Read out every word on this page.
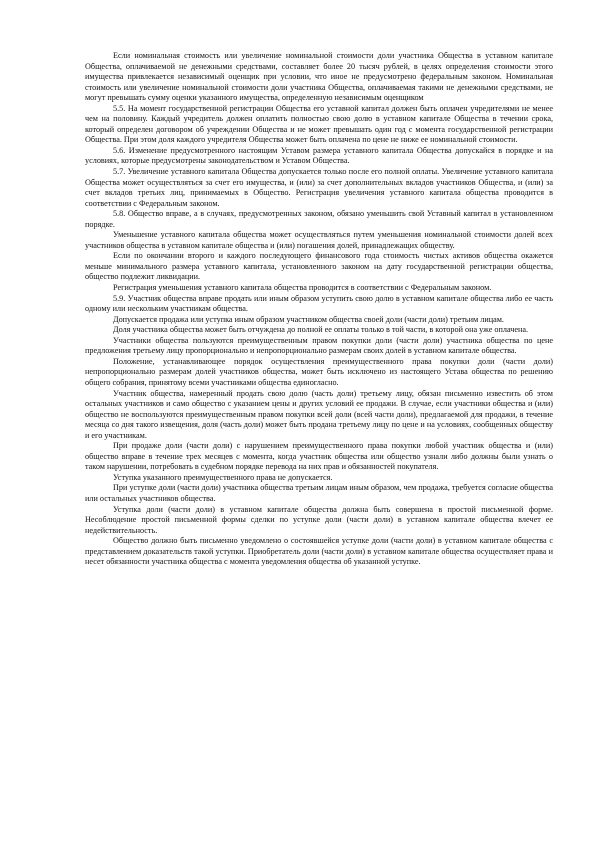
Если номинальная стоимость или увеличение номинальной стоимости доли участника Общества в уставном капитале Общества, оплачиваемой не денежными средствами, составляет более 20 тысяч рублей, в целях определения стоимости этого имущества привлекается независимый оценщик при условии, что иное не предусмотрено федеральным законом. Номинальная стоимость или увеличение номинальной стоимости доли участника Общества, оплачиваемая такими не денежными средствами, не могут превышать сумму оценки указанного имущества, определенную независимым оценщиком

5.5. На момент государственной регистрации Общества его уставной капитал должен быть оплачен учредителями не менее чем на половину. Каждый учредитель должен оплатить полностью свою долю в уставном капитале Общества в течении срока, который определен договором об учреждении Общества и не может превышать один год с момента государственной регистрации Общества. При этом доля каждого учредителя Общества может быть оплачена по цене не ниже ее номинальной стоимости.

5.6. Изменение предусмотренного настоящим Уставом размера уставного капитала Общества допускайся в порядке и на условиях, которые предусмотрены законодательством и Уставом Общества.

5.7. Увеличение уставного капитала Общества допускается только после его полной оплаты. Увеличение уставного капитала Общества может осуществляться за счет его имущества, и (или) за счет дополнительных вкладов участников Общества, и (или) за счет вкладов третьих лиц, принимаемых в Общество. Регистрация увеличения уставного капитала общества проводится в соответствии с Федеральным законом.

5.8. Общество вправе, а в случаях, предусмотренных законом, обязано уменьшить свой Уставный капитал в установленном порядке.

Уменьшение уставного капитала общества может осуществляться путем уменьшения номинальной стоимости долей всех участников общества в уставном капитале общества и (или) погашения долей, принадлежащих обществу.

Если по окончании второго и каждого последующего финансового года стоимость чистых активов общества окажется меньше минимального размера уставного капитала, установленного законом на дату государственной регистрации общества, общество подлежит ликвидации.

Регистрация уменьшения уставного капитала общества проводится в соответствии с Федеральным законом.

5.9. Участник общества вправе продать или иным образом уступить свою долю в уставном капитале общества либо ее часть одному или нескольким участникам общества.

Допускается продажа или уступка иным образом участником общества своей доли (части доли) третьим лицам.

Доля участника общества может быть отчуждена до полной ее оплаты только в той части, в которой она уже оплачена.

Участники общества пользуются преимущественным правом покупки доли (части доли) участника общества по цене предложения третьему лицу пропорционально и непропорционально размерам своих долей в уставном капитале общества.

Положение, устанавливающее порядок осуществления преимущественного права покупки доли (части доли) непропорционально размерам долей участников общества, может быть исключено из настоящего Устава общества по решению общего собрания, принятому всеми участниками общества единогласно.

Участник общества, намеренный продать свою долю (часть доли) третьему лицу, обязан письменно известить об этом остальных участников и само общество с указанием цены и других условий ее продажи. В случае, если участники общества и (или) общество не воспользуются преимущественным правом покупки всей доли (всей части доли), предлагаемой для продажи, в течение месяца со дня такого извещения, доля (часть доли) может быть продана третьему лицу по цене и на условиях, сообщенных обществу и его участникам.

При продаже доли (части доли) с нарушением преимущественного права покупки любой участник общества и (или) общество вправе в течение трех месяцев с момента, когда участник общества или общество узнали либо должны были узнать о таком нарушении, потребовать в судебном порядке перевода на них прав и обязанностей покупателя.

Уступка указанного преимущественного права не допускается.

При уступке доли (части доли) участника общества третьим лицам иным образом, чем продажа, требуется согласие общества или остальных участников общества.

Уступка доли (части доли) в уставном капитале общества должна быть совершена в простой письменной форме. Несоблюдение простой письменной формы сделки по уступке доли (части доли) в уставном капитале общества влечет ее недействительность.

Общество должно быть письменно уведомлено о состоявшейся уступке доли (части доли) в уставном капитале общества с представлением доказательств такой уступки. Приобретатель доли (части доли) в уставном капитале общества осуществляет права и несет обязанности участника общества с момента уведомления общества об указанной уступке.
